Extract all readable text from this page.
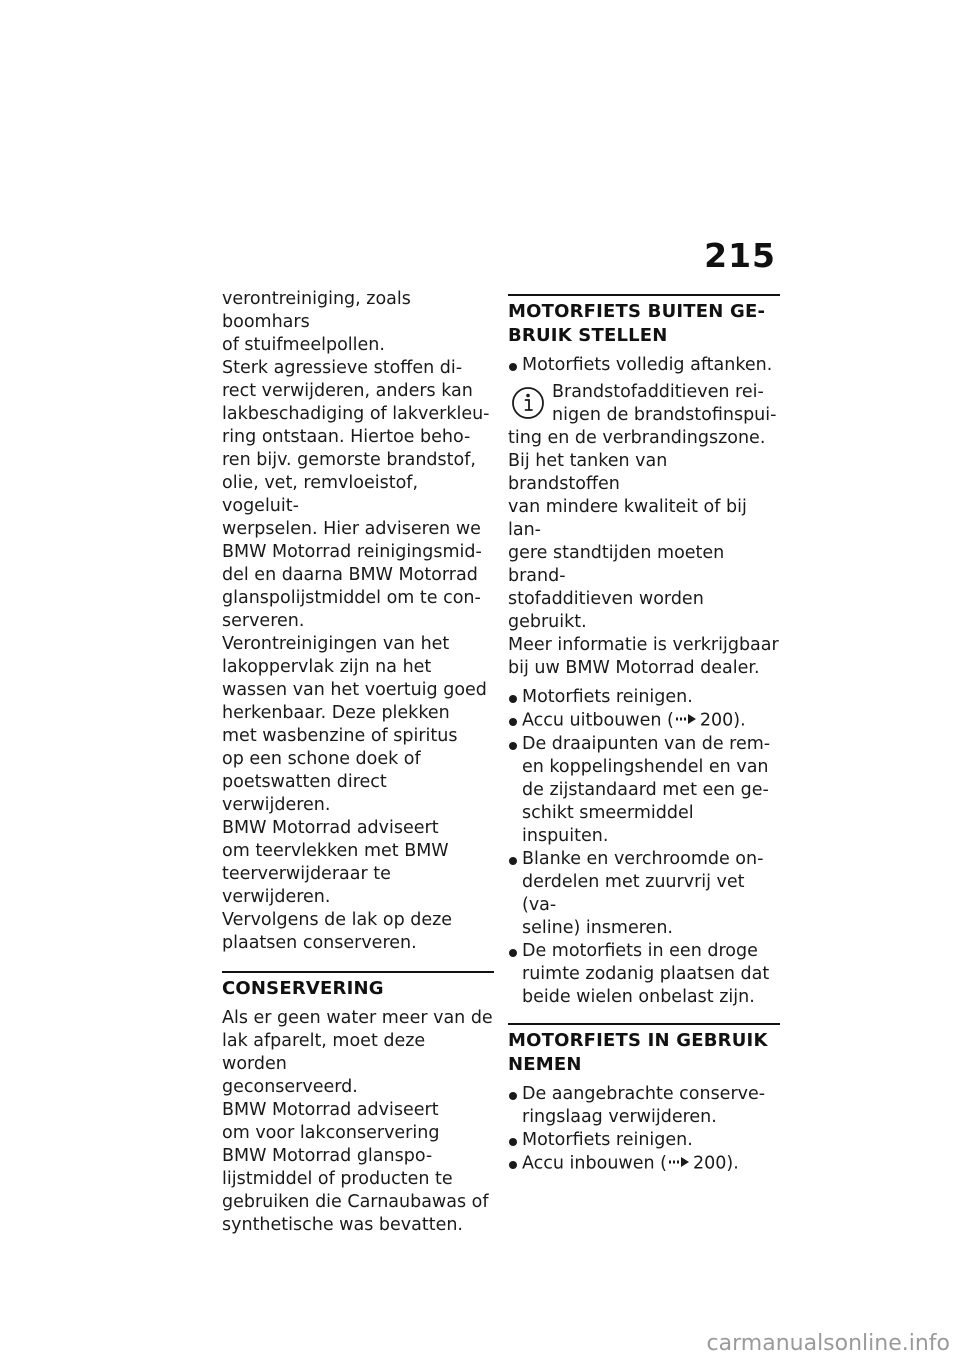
215

verontreiniging, zoals boomhars
of stuifmeelpollen.

Sterk agressieve stoffen di-
rect verwijderen, anders kan
lakbeschadiging of lakverkleu-
ring ontstaan. Hiertoe beho-
ren bijv. gemorste brandstof,
olie, vet, remvloeistof, vogeluit-
werpselen. Hier adviseren we
BMW Motorrad reinigingsmid-
del en daarna BMW Motorrad
glanspolijstmiddel om te con-
serveren.

Verontreinigingen van het
lakoppervlak zijn na het
wassen van het voertuig goed
herkenbaar. Deze plekken
met wasbenzine of spiritus
op een schone doek of
poetswatten direct verwijderen.

BMW Motorrad adviseert
om teervlekken met BMW
teerverwijderaar te verwijderen.
Vervolgens de lak op deze
plaatsen conserveren.

CONSERVERING

Als er geen water meer van de
lak afparelt, moet deze worden
geconserveerd.

BMW Motorrad adviseert
om voor lakconservering
BMW Motorrad glanspo-
lijstmiddel of producten te
gebruiken die Carnaubawas of
synthetische was bevatten.

MOTORFIETS BUITEN GE-
BRUIK STELLEN
Motorfiets volledig aftanken.
Brandstofadditieven rei-
nigen de brandstofinspui-

ting en de verbrandingszone.
Bij het tanken van brandstoffen
van mindere kwaliteit of bij lan-
gere standtijden moeten brand-
stofadditieven worden gebruikt.
Meer informatie is verkrijgbaar
bij uw BMW Motorrad dealer.

Motorfiets reinigen.
Accu uitbouwen ( 200).
De draaipunten van de rem-
en koppelingshendel en van
de zijstandaard met een ge-
schikt smeermiddel inspuiten.
Blanke en verchroomde on-
derdelen met zuurvrij vet (va-
seline) insmeren.
De motorfiets in een droge
ruimte zodanig plaatsen dat
beide wielen onbelast zijn.
MOTORFIETS IN GEBRUIK
NEMEN
De aangebrachte conserve-
ringslaag verwijderen.
Motorfiets reinigen.
Accu inbouwen ( 200).
carmanualsonline.info
